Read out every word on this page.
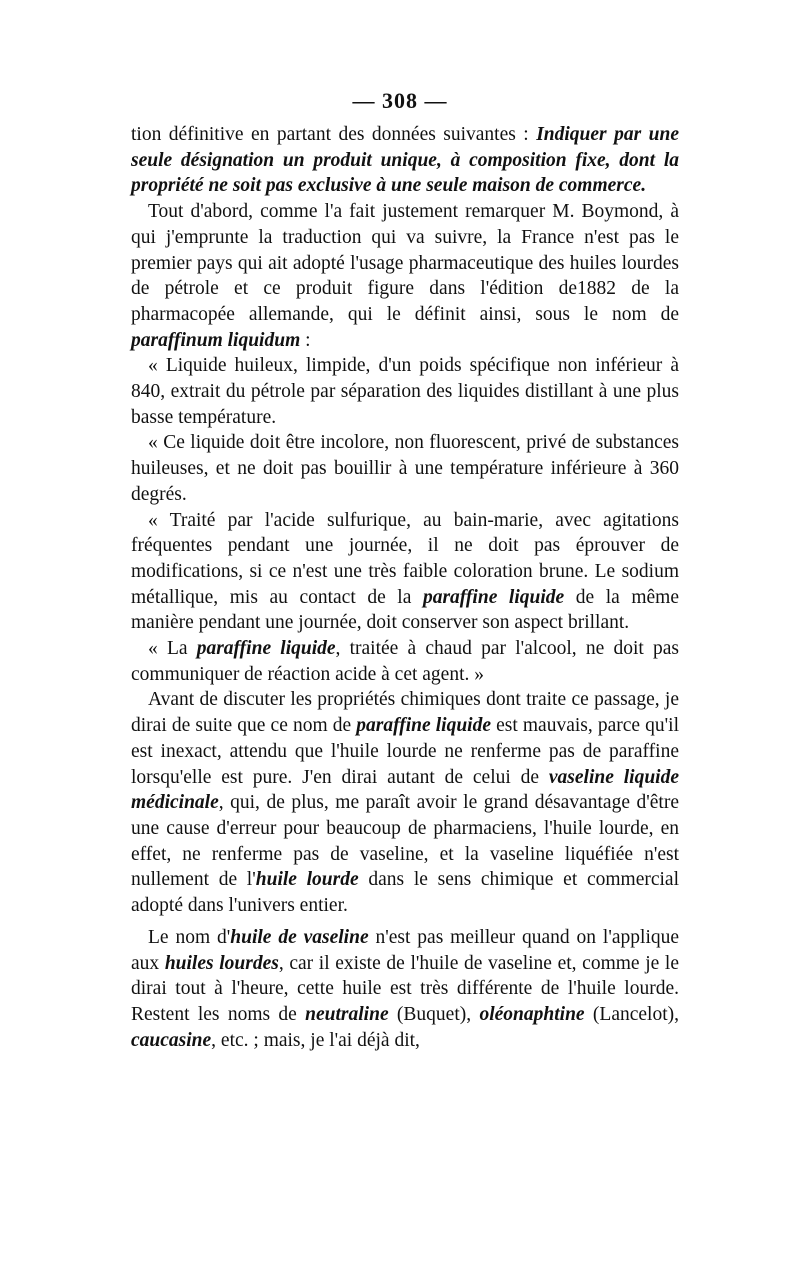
— 308 —

tion définitive en partant des données suivantes : Indiquer par une seule désignation un produit unique, à composition fixe, dont la propriété ne soit pas exclusive à une seule maison de commerce.

Tout d'abord, comme l'a fait justement remarquer M. Boymond, à qui j'emprunte la traduction qui va suivre, la France n'est pas le premier pays qui ait adopté l'usage pharmaceutique des huiles lourdes de pétrole et ce produit figure dans l'édition de1882 de la pharmacopée allemande, qui le définit ainsi, sous le nom de paraffinum liquidum :

« Liquide huileux, limpide, d'un poids spécifique non inférieur à 840, extrait du pétrole par séparation des liquides distillant à une plus basse température.

« Ce liquide doit être incolore, non fluorescent, privé de substances huileuses, et ne doit pas bouillir à une température inférieure à 360 degrés.

« Traité par l'acide sulfurique, au bain-marie, avec agitations fréquentes pendant une journée, il ne doit pas éprouver de modifications, si ce n'est une très faible coloration brune. Le sodium métallique, mis au contact de la paraffine liquide de la même manière pendant une journée, doit conserver son aspect brillant.

« La paraffine liquide, traitée à chaud par l'alcool, ne doit pas communiquer de réaction acide à cet agent. »

Avant de discuter les propriétés chimiques dont traite ce passage, je dirai de suite que ce nom de paraffine liquide est mauvais, parce qu'il est inexact, attendu que l'huile lourde ne renferme pas de paraffine lorsqu'elle est pure. J'en dirai autant de celui de vaseline liquide médicinale, qui, de plus, me paraît avoir le grand désavantage d'être une cause d'erreur pour beaucoup de pharmaciens, l'huile lourde, en effet, ne renferme pas de vaseline, et la vaseline liquéfiée n'est nullement de l'huile lourde dans le sens chimique et commercial adopté dans l'univers entier.

Le nom d'huile de vaseline n'est pas meilleur quand on l'applique aux huiles lourdes, car il existe de l'huile de vaseline et, comme je le dirai tout à l'heure, cette huile est très différente de l'huile lourde. Restent les noms de neutraline (Buquet), oléonaphtine (Lancelot), caucasine, etc. ; mais, je l'ai déjà dit,
